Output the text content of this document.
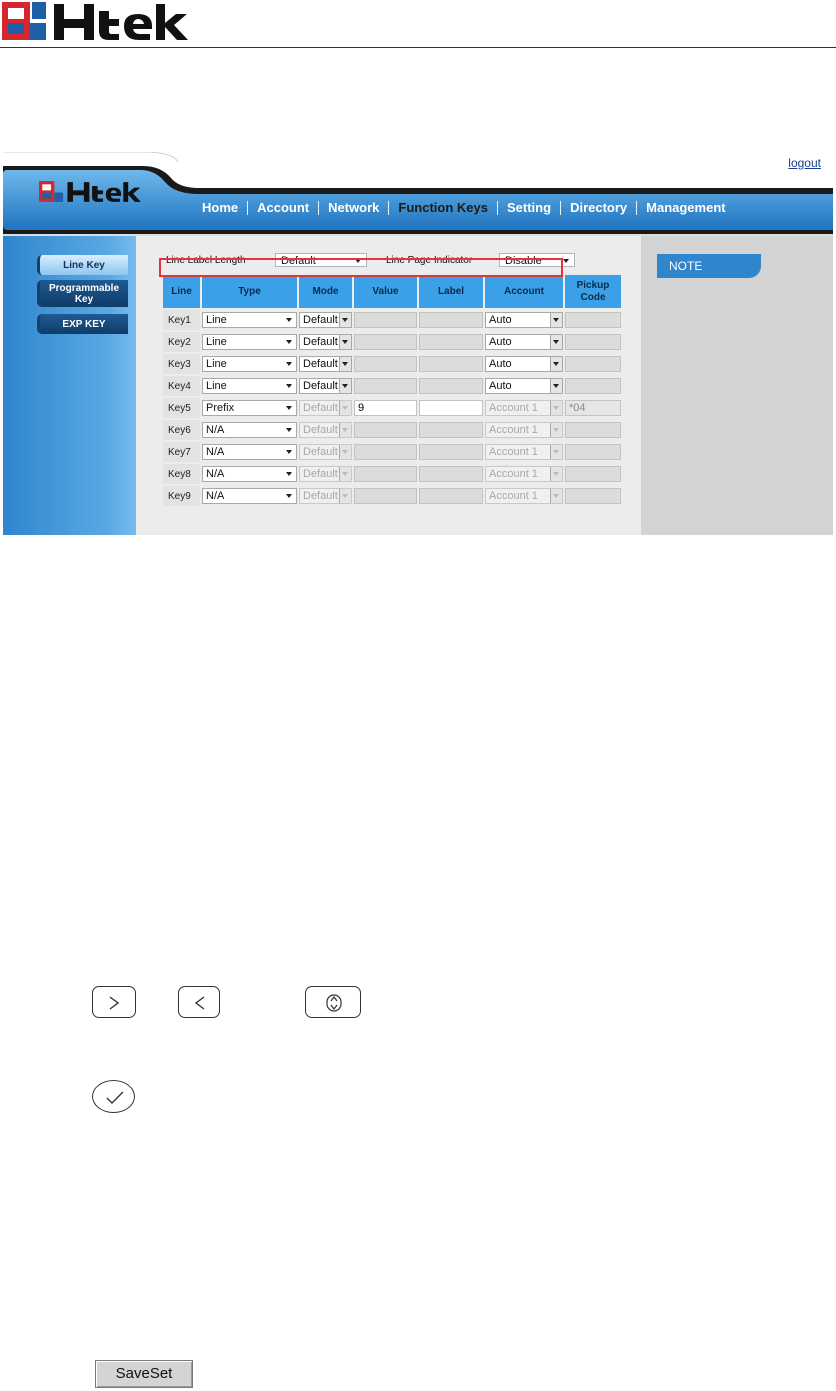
logout
Home	Account	Network	Function Keys	Setting	Directory	Management
Line Key
Programmable Key
EXP KEY
Line Label Length	Default	Line Page Indicator	Disable
Line	Type	Mode	Value	Label	Account	Pickup Code
Key1	Line	Default			Auto	

Key2	Line	Default			Auto	

Key3	Line	Default			Auto	

Key4	Line	Default			Auto	

Key5	Prefix	Default	9		Account 1	*04

Key6	N/A	Default			Account 1	

Key7	N/A	Default			Account 1	

Key8	N/A	Default			Account 1	

Key9	N/A	Default			Account 1	

NOTE
SaveSet
